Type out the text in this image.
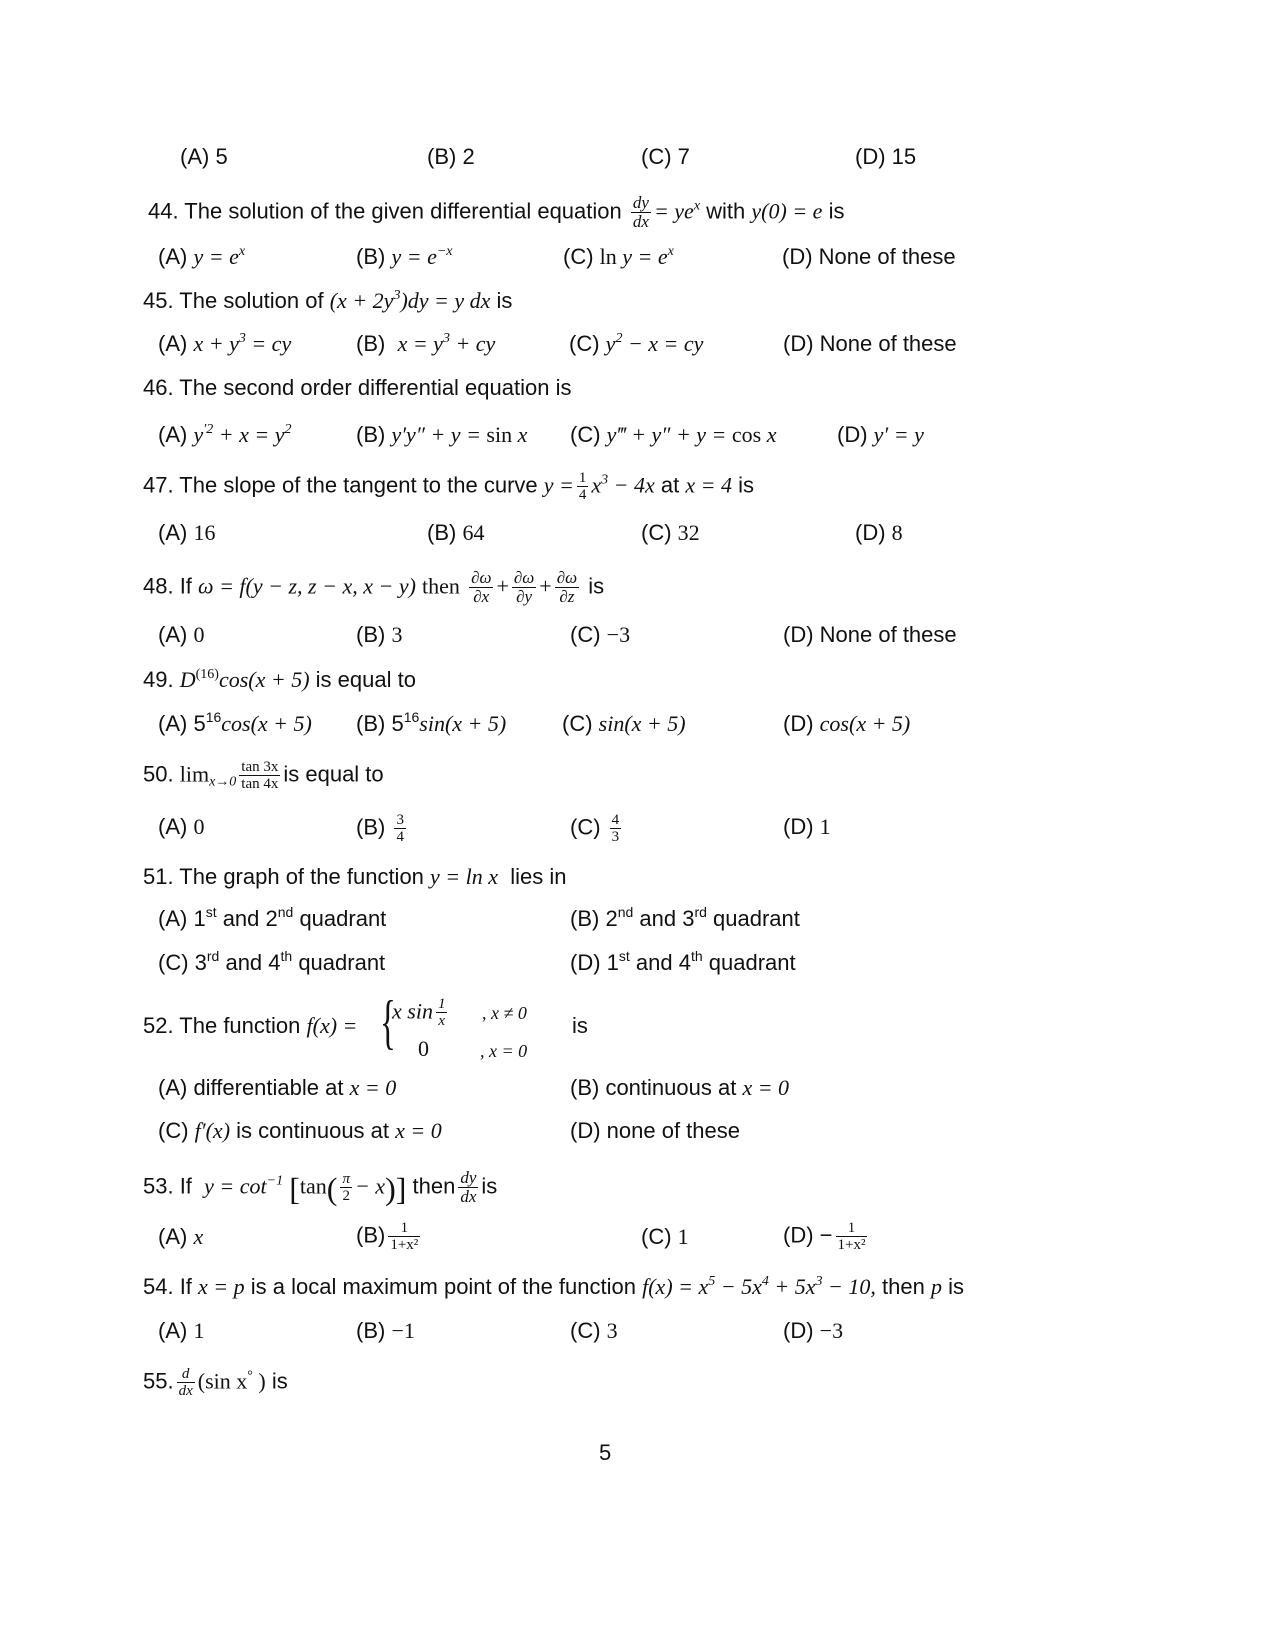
(A) 5	(B) 2	(C) 7	(D) 15
44. The solution of the given differential equation $\frac{dy}{dx} = ye^x$ with y(0) = e is
(A) $y = e^x$	(B) $y = e^{-x}$	(C) $\ln y = e^x$	(D) None of these
45. The solution of $(x + 2y^3)dy = y$ dx is
(A) $x + y^3$ = cy	(B) $x = y^3$ + cy	(C) $y^2 - x$ = cy	(D) None of these
46. The second order differential equation is
(A) $y^{'2} + x = y^2$	(B) y′y″ + y = sin x (C) y‴ + y″ + y = cos x	(D) y′ = y
47. The slope of the tangent to the curve $y = \frac{1}{4} x^3 - 4x$ at x = 4 is
(A) 16	(B) 64	(C) 32	(D) 8
48. If ω = f(y − z, z − x, x − y) then $\frac{\partial\omega}{\partial x} + \frac{\partial\omega}{\partial y} + \frac{\partial\omega}{\partial z}$ is
(A) 0	(B) 3	(C) −3	(D) None of these
49. $D^{(16)}\cos(x + 5)$ is equal to
(A) $5^{16}\cos(x + 5)$ (B) $5^{16}\sin(x + 5)$	(C) sin(x + 5)	(D) cos(x + 5)
50. $\lim_{x\to 0} \frac{\tan 3x}{\tan 4x}$ is equal to
(A) 0	$(B) \frac{3}{4}$	$(C) \frac{4}{3}$	(D) 1
51. The graph of the function y = ln x lies in
(A) 1st and 2nd quadrant	(B) 2nd and 3rd quadrant
(C) 3rd and 4th quadrant	(D) 1st and 4th quadrant
52. The function f(x) = {
x $\sin \frac{1}{x}$ , x ≠ 0
0	, x = 0
is
(A) differentiable at x = 0	(B) continuous at x = 0
(C) f′(x) is continuous at x = 0	(D) none of these
53. If $y = \cot^{-1} [\tan( \frac{\pi}{2} - x)]$ then $\frac{dy}{dx}$ is
(A) x	$(B) \frac{1}{\text{1+x²}}$	(C) 1	$(D) - \frac{1}{\text{1+x²}}$
54. If x = p is a local maximum point of the function $f(x) = x^5 - 5x^4 + 5x^3 - 10$, then p is
(A) 1	(B) −1	(C) 3	(D) −3
55. $\frac{d}{dx} (\sin$ x° ) is
5
